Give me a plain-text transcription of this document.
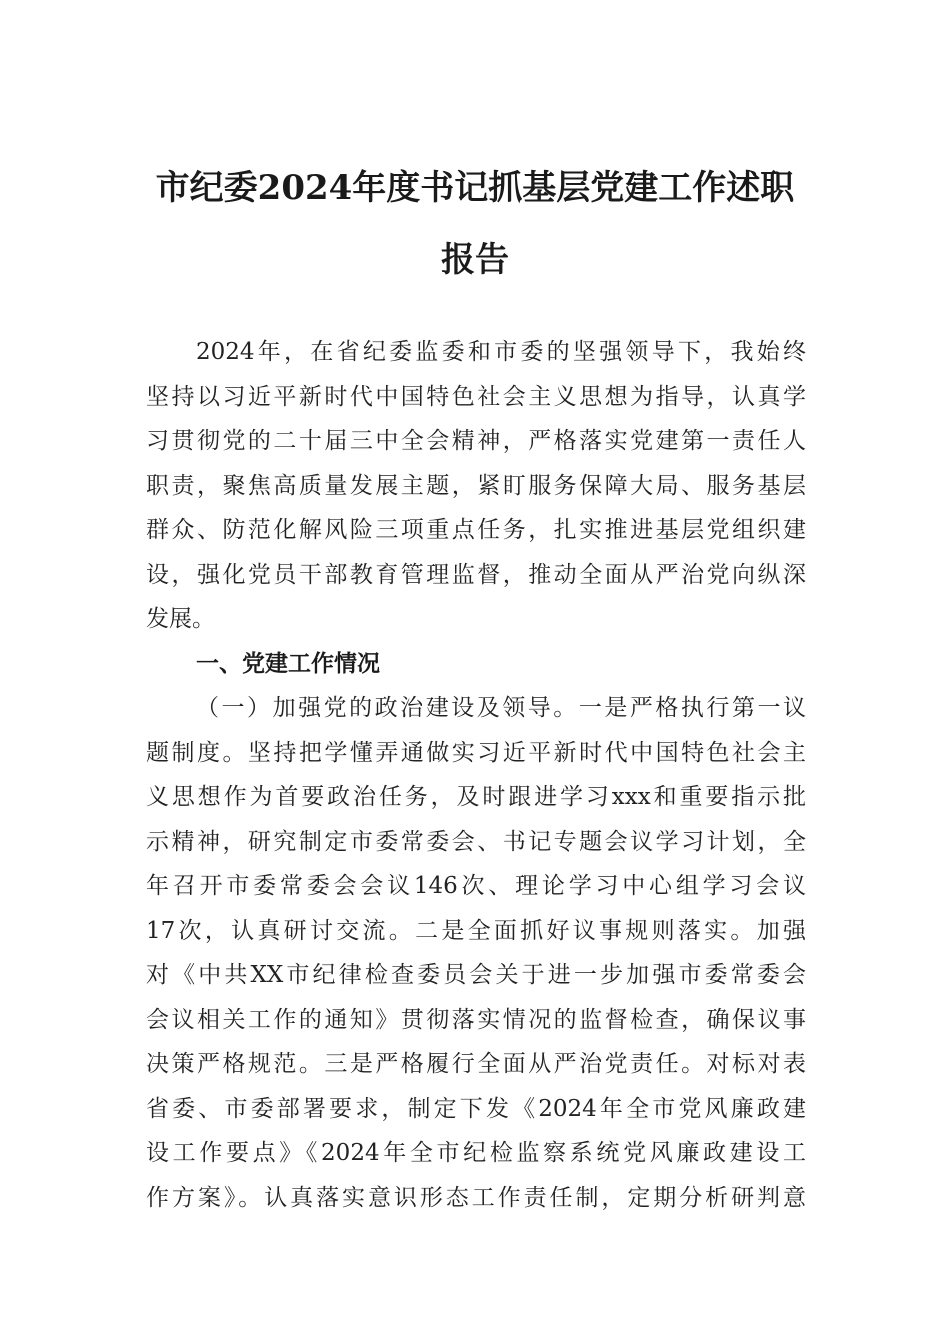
市纪委2024年度书记抓基层党建工作述职
报告
2024年，在省纪委监委和市委的坚强领导下，我始终
坚持以习近平新时代中国特色社会主义思想为指导，认真学
习贯彻党的二十届三中全会精神，严格落实党建第一责任人
职责，聚焦高质量发展主题，紧盯服务保障大局、服务基层
群众、防范化解风险三项重点任务，扎实推进基层党组织建
设，强化党员干部教育管理监督，推动全面从严治党向纵深
发展。
一、党建工作情况
（一）加强党的政治建设及领导。一是严格执行第一议
题制度。坚持把学懂弄通做实习近平新时代中国特色社会主
义思想作为首要政治任务，及时跟进学习xxx和重要指示批
示精神，研究制定市委常委会、书记专题会议学习计划，全
年召开市委常委会会议146次、理论学习中心组学习会议
17次，认真研讨交流。二是全面抓好议事规则落实。加强
对《中共XX市纪律检查委员会关于进一步加强市委常委会
会议相关工作的通知》贯彻落实情况的监督检查，确保议事
决策严格规范。三是严格履行全面从严治党责任。对标对表
省委、市委部署要求，制定下发《2024年全市党风廉政建
设工作要点》《2024年全市纪检监察系统党风廉政建设工
作方案》。认真落实意识形态工作责任制，定期分析研判意
